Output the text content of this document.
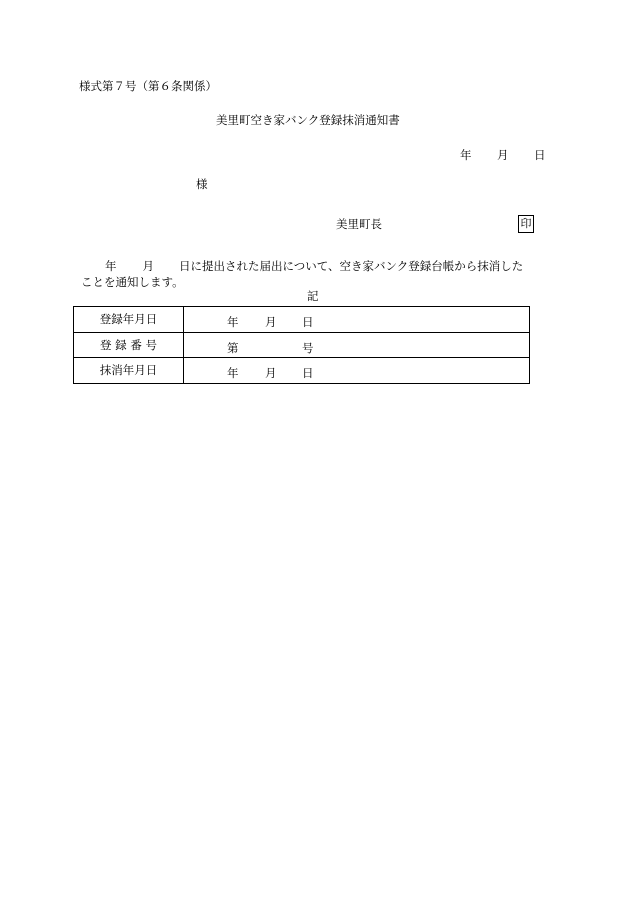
様式第７号（第６条関係）
美里町空き家バンク登録抹消通知書
年 月 日
様
美里町長	印
年 月 日に提出された届出について、空き家バンク登録台帳から抹消した
ことを通知します。
記
登録年月日	年 月 日

登 録 番 号	第 号

抹消年月日	年 月 日
